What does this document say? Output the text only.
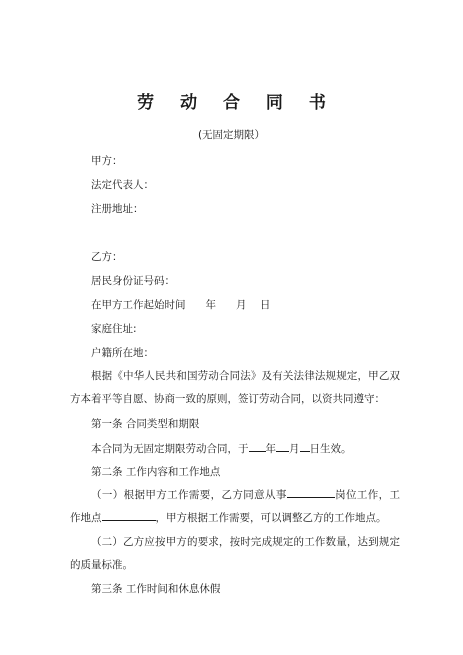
劳 动 合 同 书
(无固定期限）
甲方：
法定代表人：
注册地址：
乙方：
居民身份证号码：
在甲方工作起始时间      年      月    日
家庭住址:
户籍所在地：
根据《中华人民共和国劳动合同法》及有关法律法规规定，甲乙双方本着平等自愿、协商一致的原则，签订劳动合同，以资共同遵守：
第一条 合同类型和期限
本合同为无固定期限劳动合同，于 年 月 日生效。
第二条 工作内容和工作地点
（一）根据甲方工作需要，乙方同意从事	岗位工作，工作地点	，甲方根据工作需要，可以调整乙方的工作地点。
（二）乙方应按甲方的要求，按时完成规定的工作数量，达到规定的质量标准。
第三条 工作时间和休息休假
